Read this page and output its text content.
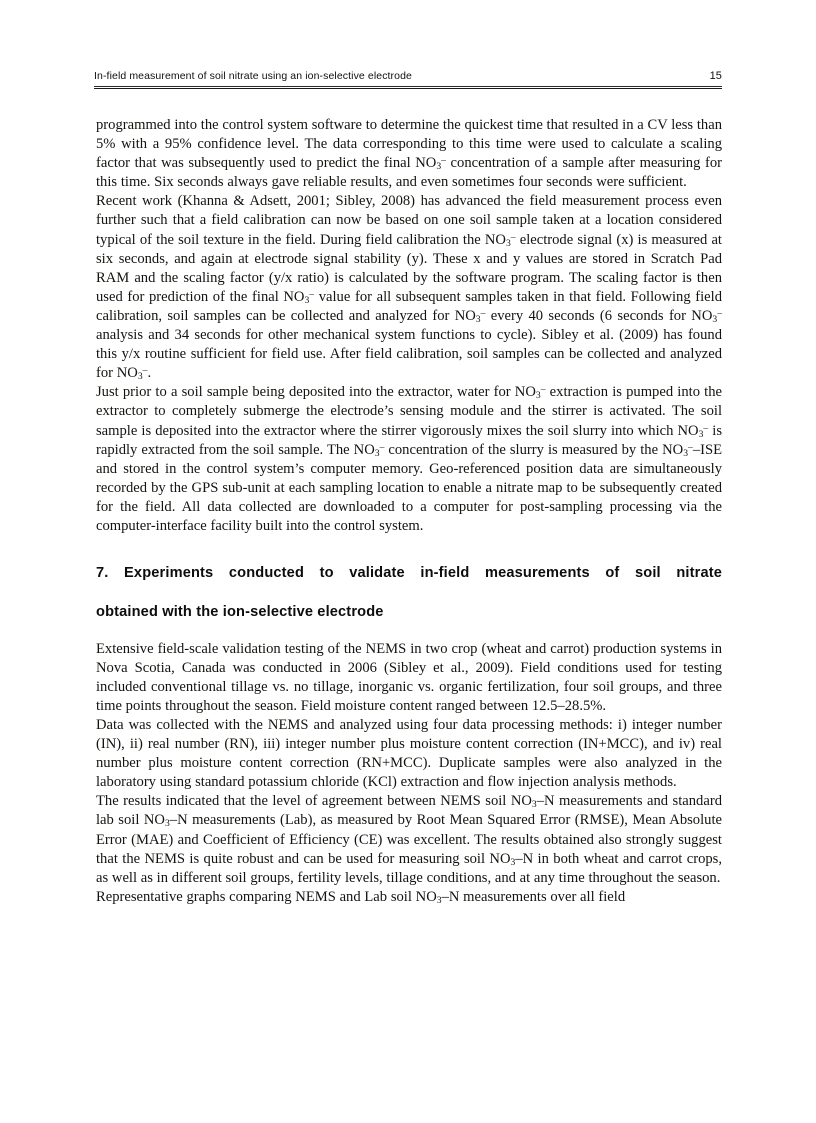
In-field measurement of soil nitrate using an ion-selective electrode	15

programmed into the control system software to determine the quickest time that resulted in a CV less than 5% with a 95% confidence level. The data corresponding to this time were used to calculate a scaling factor that was subsequently used to predict the final $NO_3^-$ concentration of a sample after measuring for this time. Six seconds always gave reliable results, and even sometimes four seconds were sufficient.

Recent work (Khanna & Adsett, 2001; Sibley, 2008) has advanced the field measurement process even further such that a field calibration can now be based on one soil sample taken at a location considered typical of the soil texture in the field. During field calibration the $NO_3^-$ electrode signal (x) is measured at six seconds, and again at electrode signal stability (y). These x and y values are stored in Scratch Pad RAM and the scaling factor (y/x ratio) is calculated by the software program. The scaling factor is then used for prediction of the final $NO_3^-$ value for all subsequent samples taken in that field. Following field calibration, soil samples can be collected and analyzed for $NO_3^-$ every 40 seconds (6 seconds for $NO_3^-$ analysis and 34 seconds for other mechanical system functions to cycle). Sibley et al. (2009) has found this y/x routine sufficient for field use. After field calibration, soil samples can be collected and analyzed for $NO_3^-$.

Just prior to a soil sample being deposited into the extractor, water for $NO_3^-$ extraction is pumped into the extractor to completely submerge the electrode’s sensing module and the stirrer is activated. The soil sample is deposited into the extractor where the stirrer vigorously mixes the soil slurry into which $NO_3^-$ is rapidly extracted from the soil sample. The $NO_3^-$ concentration of the slurry is measured by the $NO_3^-$–ISE and stored in the control system’s computer memory. Geo-referenced position data are simultaneously recorded by the GPS sub-unit at each sampling location to enable a nitrate map to be subsequently created for the field. All data collected are downloaded to a computer for post-sampling processing via the computer-interface facility built into the control system.

7. Experiments conducted to validate in-field measurements of soil nitrate
obtained with the ion-selective electrode

Extensive field-scale validation testing of the NEMS in two crop (wheat and carrot) production systems in Nova Scotia, Canada was conducted in 2006 (Sibley et al., 2009). Field conditions used for testing included conventional tillage vs. no tillage, inorganic vs. organic fertilization, four soil groups, and three time points throughout the season. Field moisture content ranged between 12.5–28.5%.

Data was collected with the NEMS and analyzed using four data processing methods: i) integer number (IN), ii) real number (RN), iii) integer number plus moisture content correction (IN+MCC), and iv) real number plus moisture content correction (RN+MCC). Duplicate samples were also analyzed in the laboratory using standard potassium chloride (KCl) extraction and flow injection analysis methods.

The results indicated that the level of agreement between NEMS soil $NO_3-N$ measurements and standard lab soil $NO_3-N$ measurements (Lab), as measured by Root Mean Squared Error (RMSE), Mean Absolute Error (MAE) and Coefficient of Efficiency (CE) was excellent. The results obtained also strongly suggest that the NEMS is quite robust and can be used for measuring soil $NO_3-N$ in both wheat and carrot crops, as well as in different soil groups, fertility levels, tillage conditions, and at any time throughout the season.

Representative graphs comparing NEMS and Lab soil $NO_3-N$ measurements over all field
